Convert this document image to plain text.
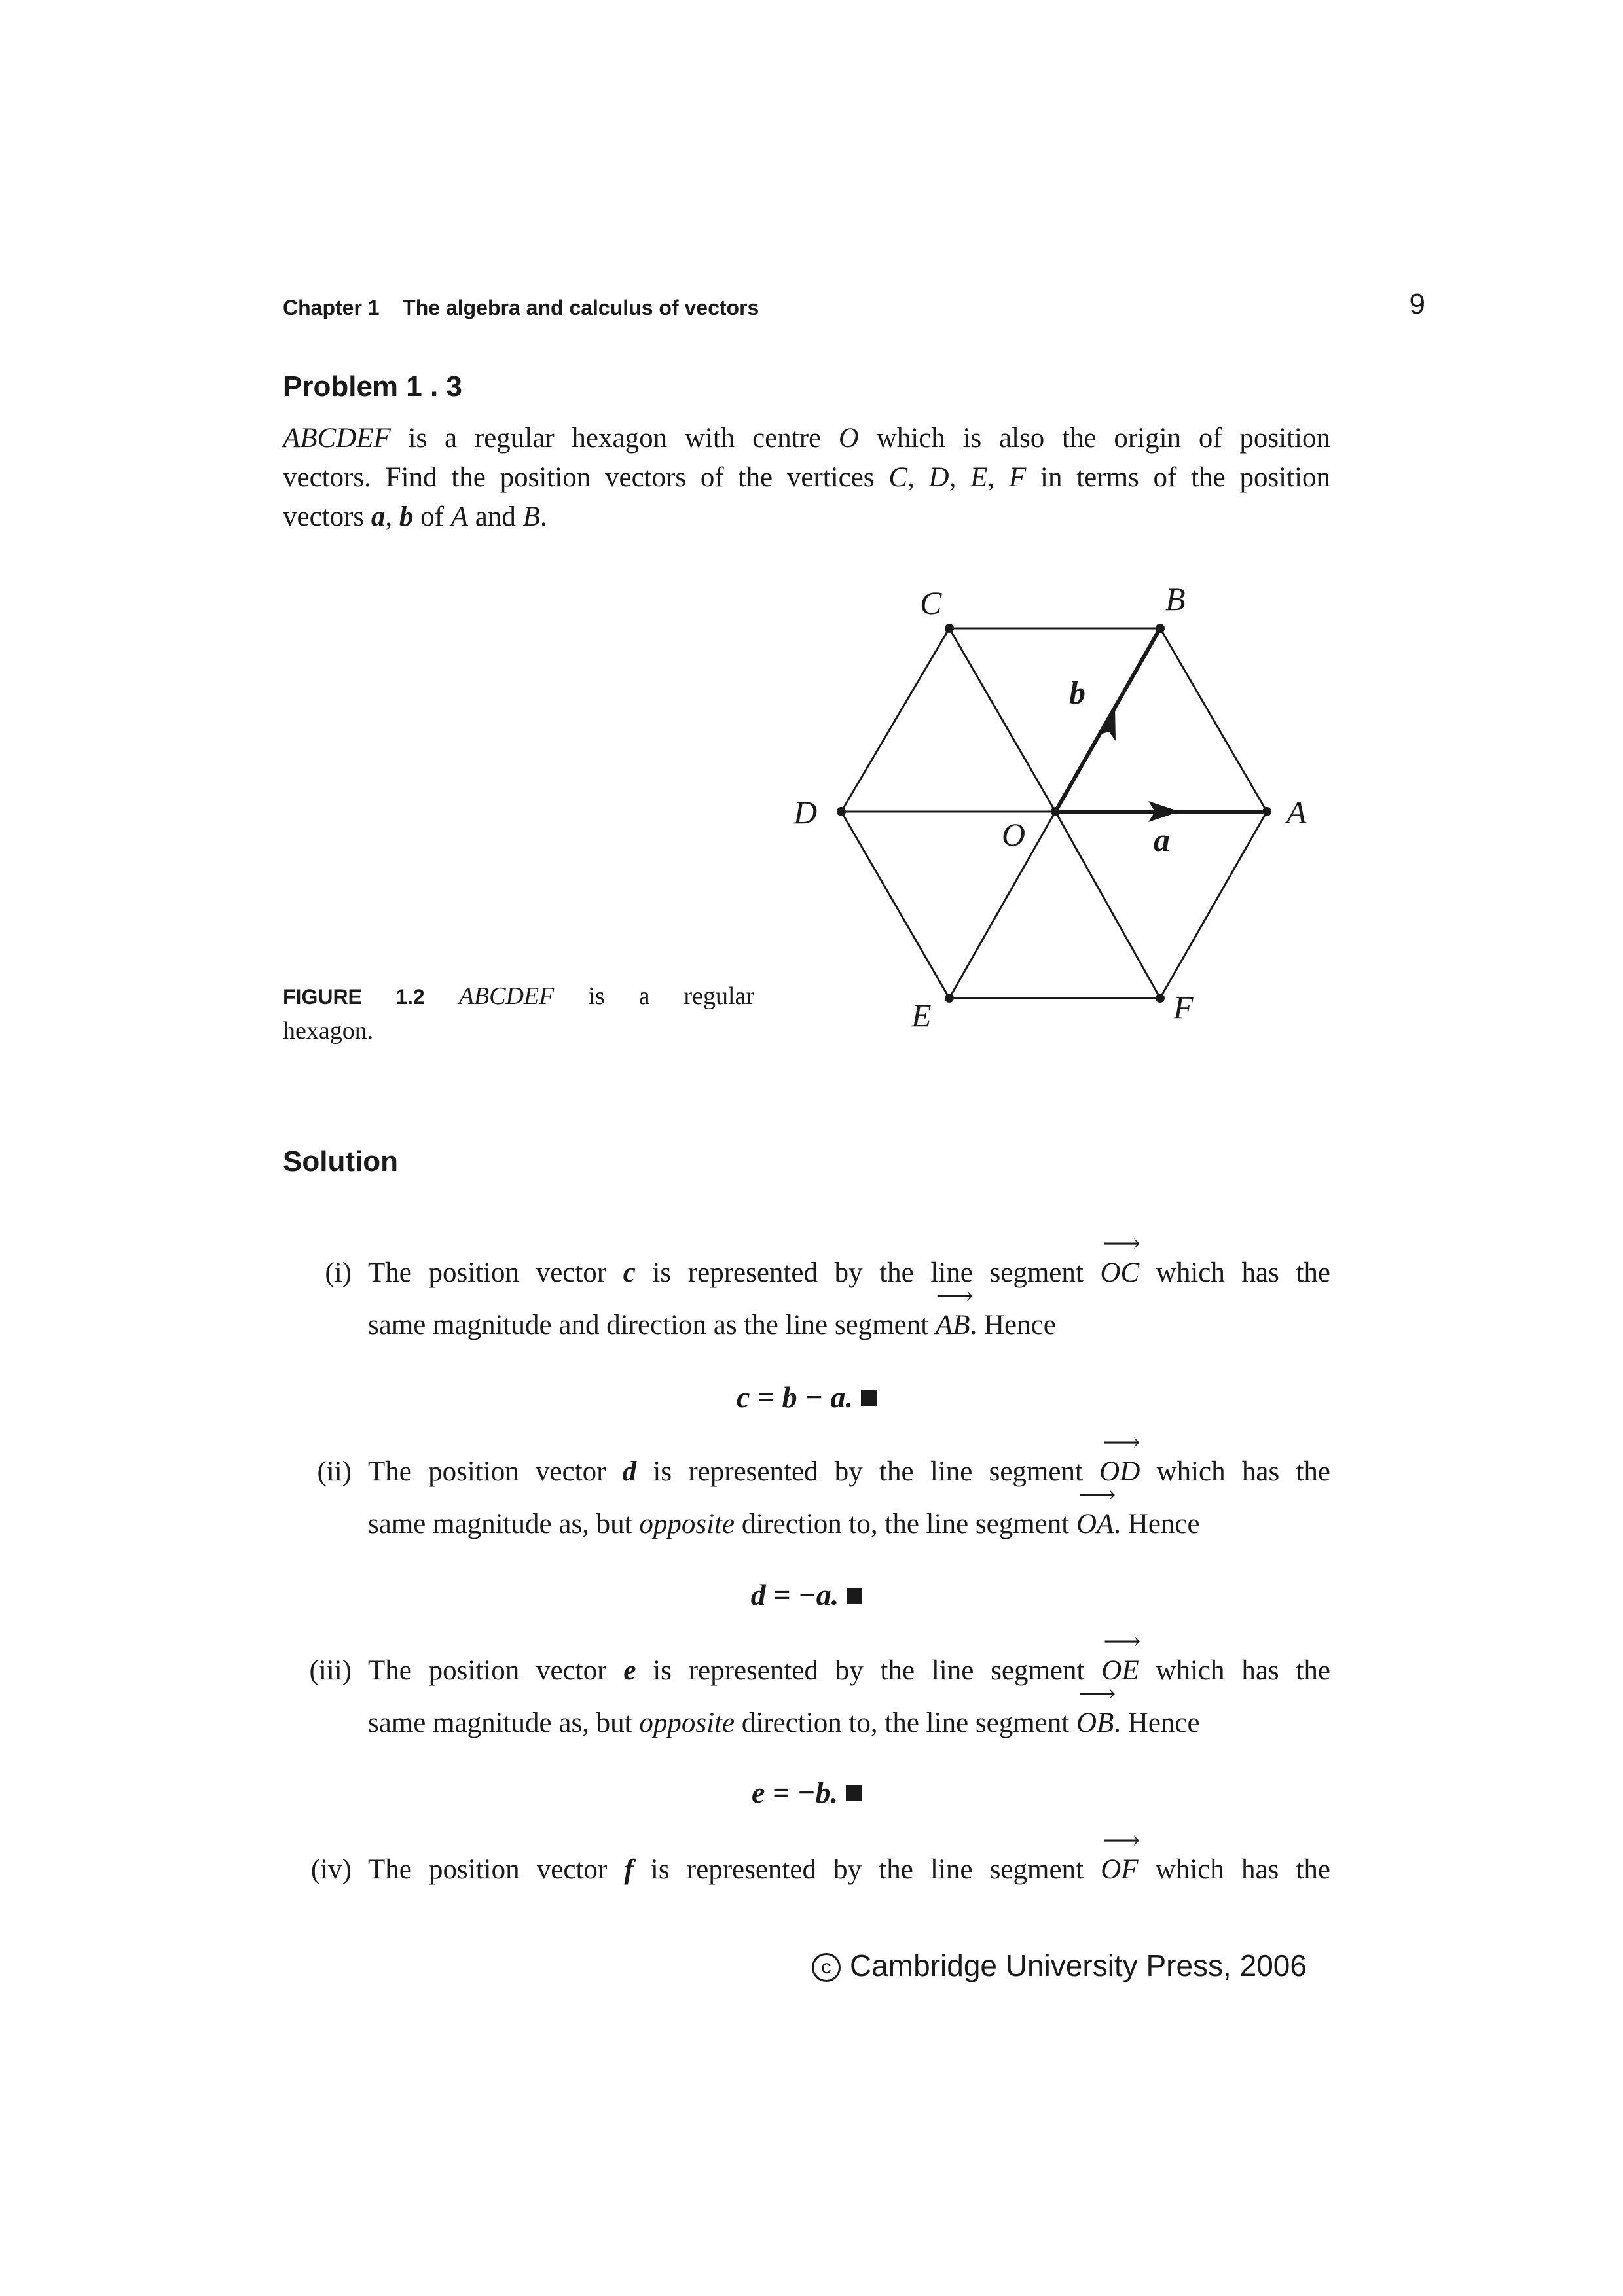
Chapter 1 The algebra and calculus of vectors	9
Problem 1 . 3
ABCDEF is a regular hexagon with centre O which is also the origin of position
vectors. Find the position vectors of the vertices C, D, E, F in terms of the position
vectors a, b of A and B.
A
B
C
D
E	F
O	a
b
FIGURE 1.2 ABCDEF is a regular
hexagon.
Solution
(i) The position vector c is represented by the line segment
⟶
OC which has the
same magnitude and direction as the line segment
⟶
AB. Hence
c = b − a.
(ii) The position vector d is represented by the line segment
⟶
OD which has the
same magnitude as, but opposite direction to, the line segment
⟶
OA. Hence
d = −a.
(iii) The position vector e is represented by the line segment
⟶
OE which has the
same magnitude as, but opposite direction to, the line segment
⟶
OB. Hence
e = −b.
(iv) The position vector f is represented by the line segment
⟶
OF which has the
c Cambridge University Press, 2006
